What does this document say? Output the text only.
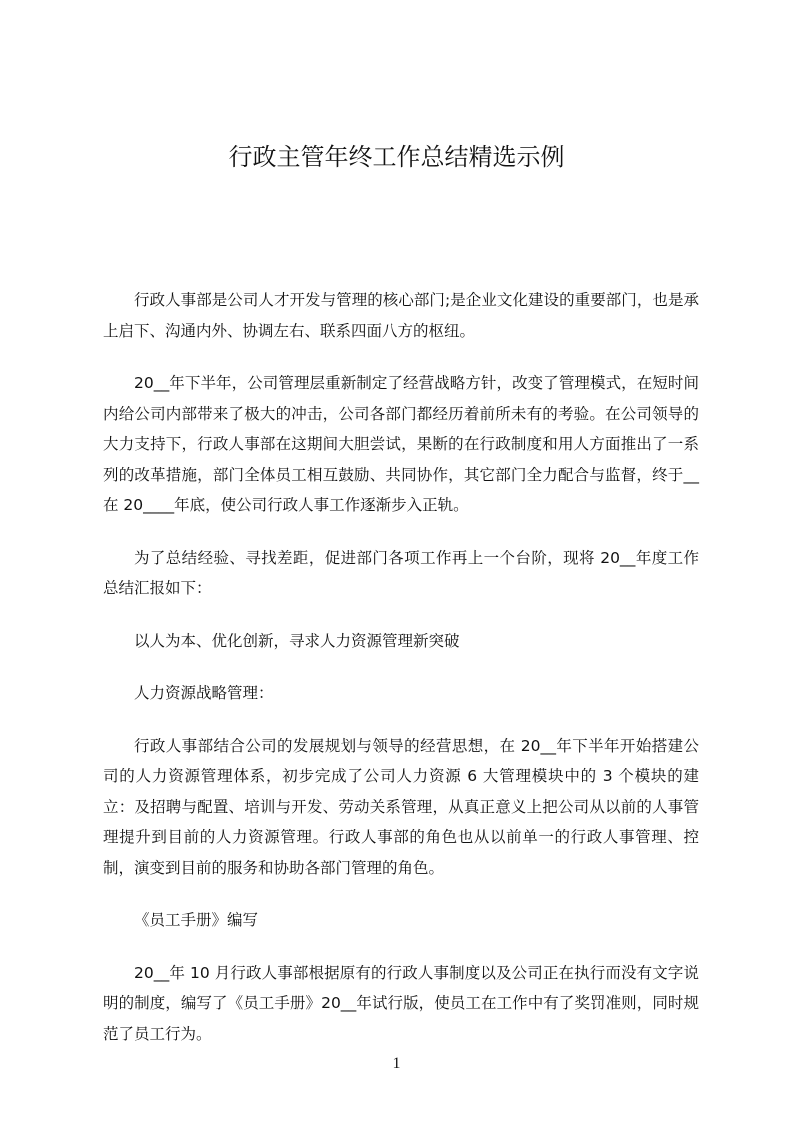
行政主管年终工作总结精选示例

行政人事部是公司人才开发与管理的核心部门;是企业文化建设的重要部门，也是承上启下、沟通内外、协调左右、联系四面八方的枢纽。

20__年下半年，公司管理层重新制定了经营战略方针，改变了管理模式，在短时间内给公司内部带来了极大的冲击，公司各部门都经历着前所未有的考验。在公司领导的大力支持下，行政人事部在这期间大胆尝试，果断的在行政制度和用人方面推出了一系列的改革措施，部门全体员工相互鼓励、共同协作，其它部门全力配合与监督，终于__在 20____年底，使公司行政人事工作逐渐步入正轨。

为了总结经验、寻找差距，促进部门各项工作再上一个台阶，现将 20__年度工作总结汇报如下：

以人为本、优化创新，寻求人力资源管理新突破

人力资源战略管理：

行政人事部结合公司的发展规划与领导的经营思想，在 20__年下半年开始搭建公司的人力资源管理体系，初步完成了公司人力资源 6 大管理模块中的 3 个模块的建立：及招聘与配置、培训与开发、劳动关系管理，从真正意义上把公司从以前的人事管理提升到目前的人力资源管理。行政人事部的角色也从以前单一的行政人事管理、控制，演变到目前的服务和协助各部门管理的角色。

《员工手册》编写

20__年 10 月行政人事部根据原有的行政人事制度以及公司正在执行而没有文字说明的制度，编写了《员工手册》20__年试行版，使员工在工作中有了奖罚准则，同时规范了员工行为。

1
